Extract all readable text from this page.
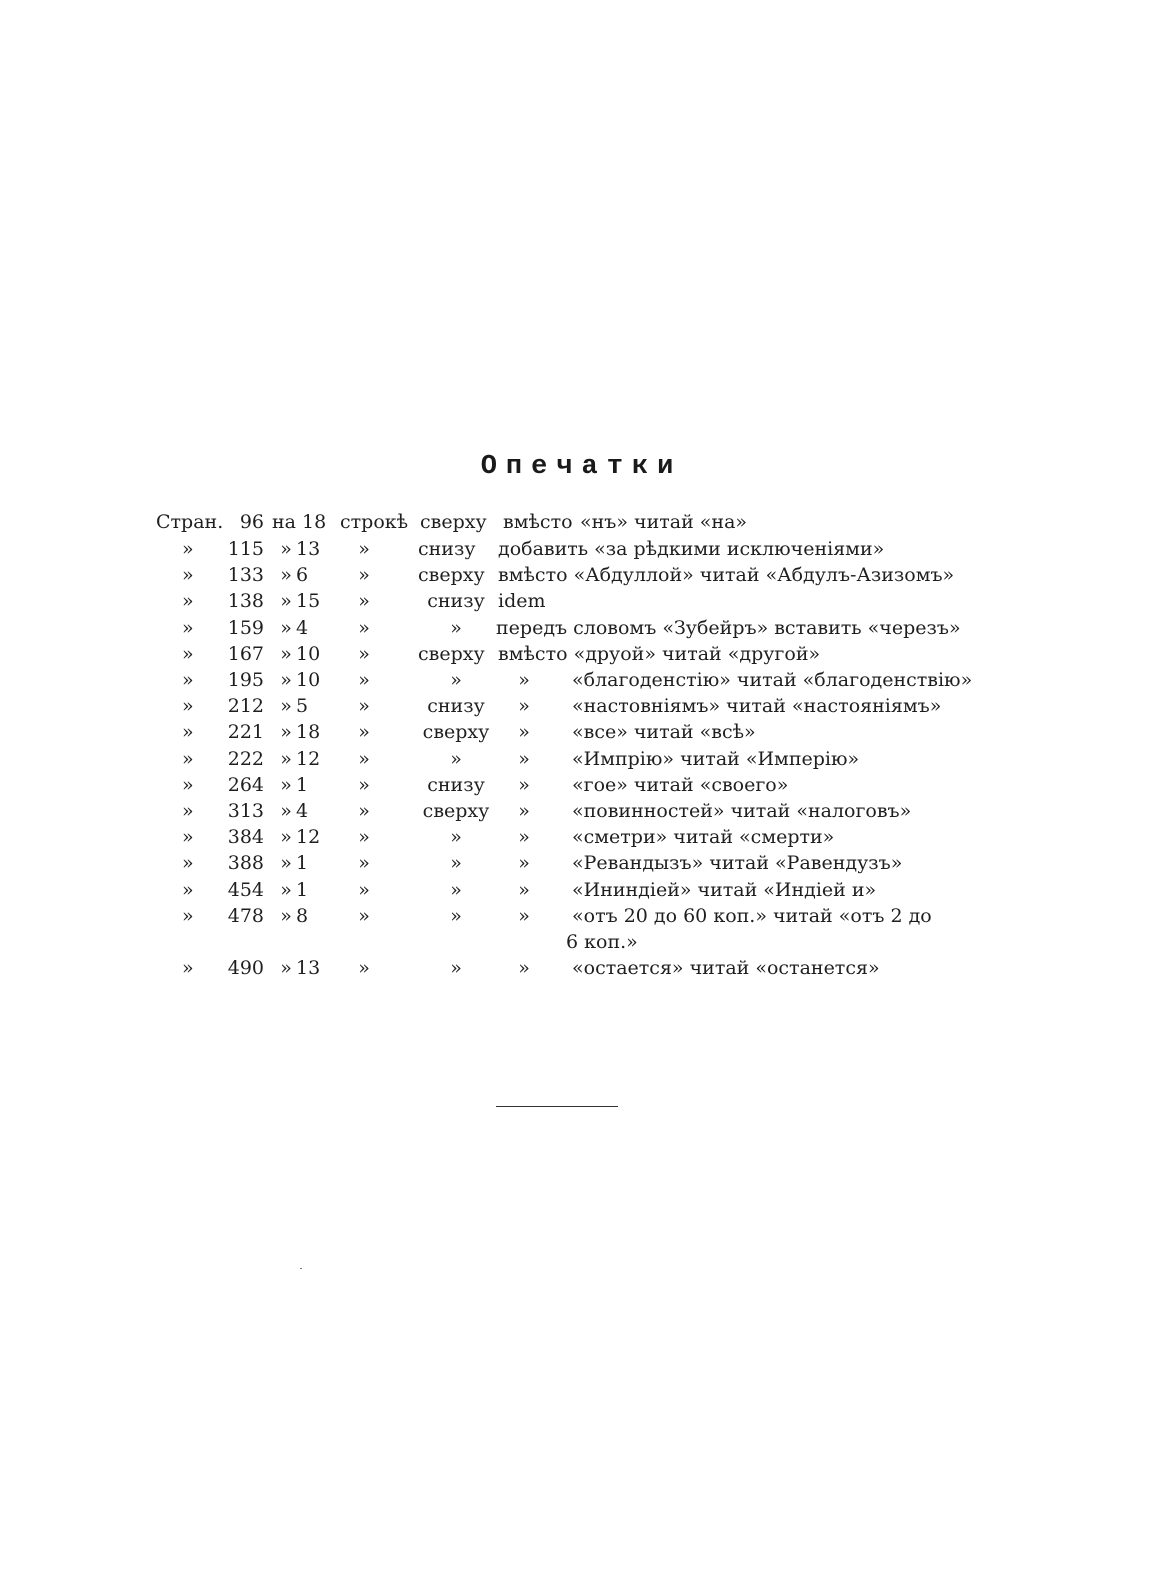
Опечатки
Стран. 96 на 18 строкѣ сверху вмѣсто «нъ» читай «на»
»	115 » 13	»	снизу добавить «за рѣдкими исключеніями»
»	133 » 6	»	сверху вмѣсто «Абдуллой» читай «Абдулъ-Азизомъ»
»	138 » 15	»	снизу idem
»	159 » 4	»	»	передъ словомъ «Зубейръ» вставить «черезъ»
»	167 » 10	»	сверху вмѣсто «друой» читай «другой»
»	195 » 10	»	»	»	«благоденстію» читай «благоденствію»
»	212 » 5	»	снизу	»	«настовніямъ» читай «настояніямъ»
»	221 » 18	»	сверху	»	«все» читай «всѣ»
»	222 » 12	»	»	»	«Импрію» читай «Имперію»
»	264 » 1	»	снизу	»	«гое» читай «своего»
»	313 » 4	»	сверху	»	«повинностей» читай «налоговъ»
»	384 » 12	»	»	»	«сметри» читай «смерти»
»	388 » 1	»	»	»	«Ревандызъ» читай «Равендузъ»
»	454 » 1	»	»	»	«Ининдіей» читай «Индіей и»
»	478 » 8	»	»	»	«отъ 20 до 60 коп.» читай «отъ 2 до
6 коп.»
»	490 » 13	»	»	»	«остается» читай «останется»
